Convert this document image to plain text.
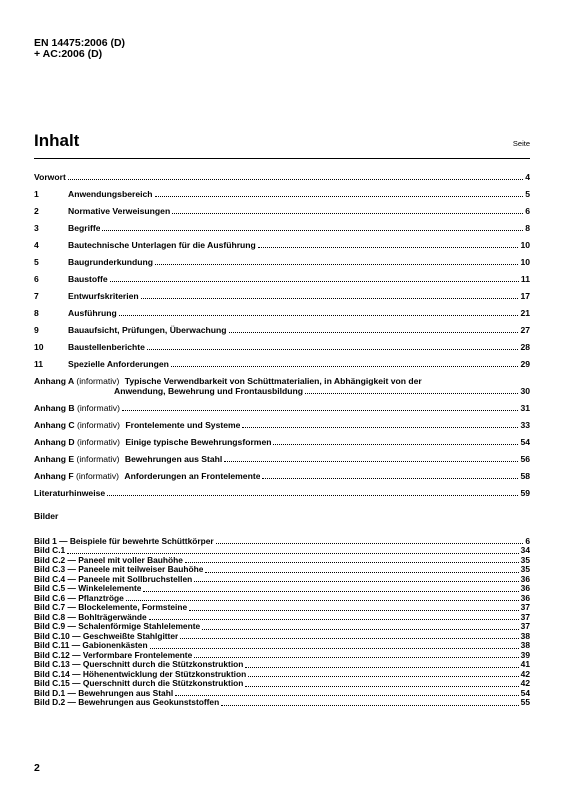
EN 14475:2006 (D)
+ AC:2006 (D)
Inhalt	Seite
Vorwort	4
1	Anwendungsbereich	5
2	Normative Verweisungen	6
3	Begriffe	8
4	Bautechnische Unterlagen für die Ausführung	10
5	Baugrunderkundung	10
6	Baustoffe	11
7	Entwurfskriterien	17
8	Ausführung	21
9	Bauaufsicht, Prüfungen, Überwachung	27
10	Baustellenberichte	28
11	Spezielle Anforderungen	29
Anhang A (informativ) Typische Verwendbarkeit von Schüttmaterialien, in Abhängigkeit von der
Anwendung, Bewehrung und Frontausbildung	30
Anhang B (informativ)	31
Anhang C (informativ) Frontelemente und Systeme	33
Anhang D (informativ) Einige typische Bewehrungsformen	54
Anhang E (informativ) Bewehrungen aus Stahl	56
Anhang F (informativ) Anforderungen an Frontelemente	58
Literaturhinweise	59
Bilder
Bild 1 — Beispiele für bewehrte Schüttkörper	6
Bild C.1	34
Bild C.2 — Paneel mit voller Bauhöhe	35
Bild C.3 — Paneele mit teilweiser Bauhöhe	35
Bild C.4 — Paneele mit Sollbruchstellen	36
Bild C.5 — Winkelelemente	36
Bild C.6 — Pflanztröge	36
Bild C.7 — Blockelemente, Formsteine	37
Bild C.8 — Bohlträgerwände	37
Bild C.9 — Schalenförmige Stahlelemente	37
Bild C.10 — Geschweißte Stahlgitter	38
Bild C.11 — Gabionenkästen	38
Bild C.12 — Verformbare Frontelemente	39
Bild C.13 — Querschnitt durch die Stützkonstruktion	41
Bild C.14 — Höhenentwicklung der Stützkonstruktion	42
Bild C.15 — Querschnitt durch die Stützkonstruktion	42
Bild D.1 — Bewehrungen aus Stahl	54
Bild D.2 — Bewehrungen aus Geokunststoffen	55
2
